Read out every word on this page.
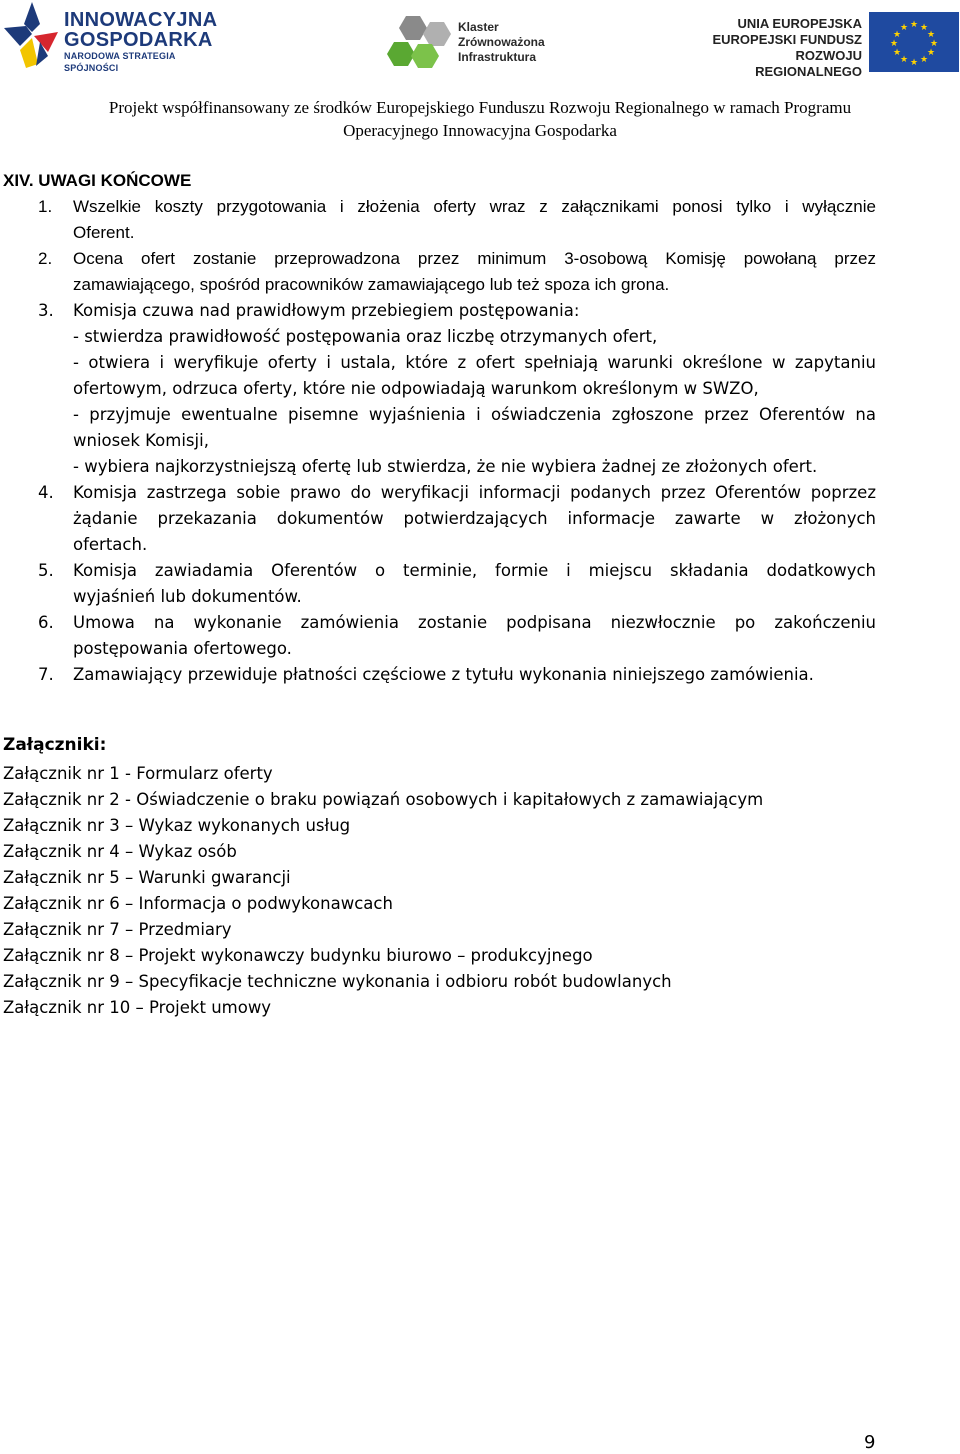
INNOWACYJNA
GOSPODARKA
NARODOWA STRATEGIA SPÓJNOŚCI
Klaster
Zrównoważona
Infrastruktura
UNIA EUROPEJSKA
EUROPEJSKI FUNDUSZ
ROZWOJU REGIONALNEGO
★ ★
★
★
★
★
★
★
★
★
★
★
Projekt współfinansowany ze środków Europejskiego Funduszu Rozwoju Regionalnego w ramach Programu
Operacyjnego Innowacyjna Gospodarka
XIV. UWAGI KOŃCOWE
1. Wszelkie koszty przygotowania i złożenia oferty wraz z załącznikami ponosi tylko i wyłącznie
Oferent.
2. Ocena ofert zostanie przeprowadzona przez minimum 3-osobową Komisję powołaną przez
zamawiającego, spośród pracowników zamawiającego lub też spoza ich grona.
3. Komisja czuwa nad prawidłowym przebiegiem postępowania:
- stwierdza prawidłowość postępowania oraz liczbę otrzymanych ofert,
- otwiera i weryfikuje oferty i ustala, które z ofert spełniają warunki określone w zapytaniu
ofertowym, odrzuca oferty, które nie odpowiadają warunkom określonym w SWZO,
- przyjmuje ewentualne pisemne wyjaśnienia i oświadczenia zgłoszone przez Oferentów na
wniosek Komisji,
- wybiera najkorzystniejszą ofertę lub stwierdza, że nie wybiera żadnej ze złożonych ofert.
4. Komisja zastrzega sobie prawo do weryfikacji informacji podanych przez Oferentów poprzez
żądanie przekazania dokumentów potwierdzających informacje zawarte w złożonych
ofertach.
5. Komisja zawiadamia Oferentów o terminie, formie i miejscu składania dodatkowych
wyjaśnień lub dokumentów.
6. Umowa na wykonanie zamówienia zostanie podpisana niezwłocznie po zakończeniu
postępowania ofertowego.
7. Zamawiający przewiduje płatności częściowe z tytułu wykonania niniejszego zamówienia.
Załączniki:
Załącznik nr 1 - Formularz oferty
Załącznik nr 2 - Oświadczenie o braku powiązań osobowych i kapitałowych z zamawiającym
Załącznik nr 3 – Wykaz wykonanych usług
Załącznik nr 4 – Wykaz osób
Załącznik nr 5 – Warunki gwarancji
Załącznik nr 6 – Informacja o podwykonawcach
Załącznik nr 7 – Przedmiary
Załącznik nr 8 – Projekt wykonawczy budynku biurowo – produkcyjnego
Załącznik nr 9 – Specyfikacje techniczne wykonania i odbioru robót budowlanych
Załącznik nr 10 – Projekt umowy
9
